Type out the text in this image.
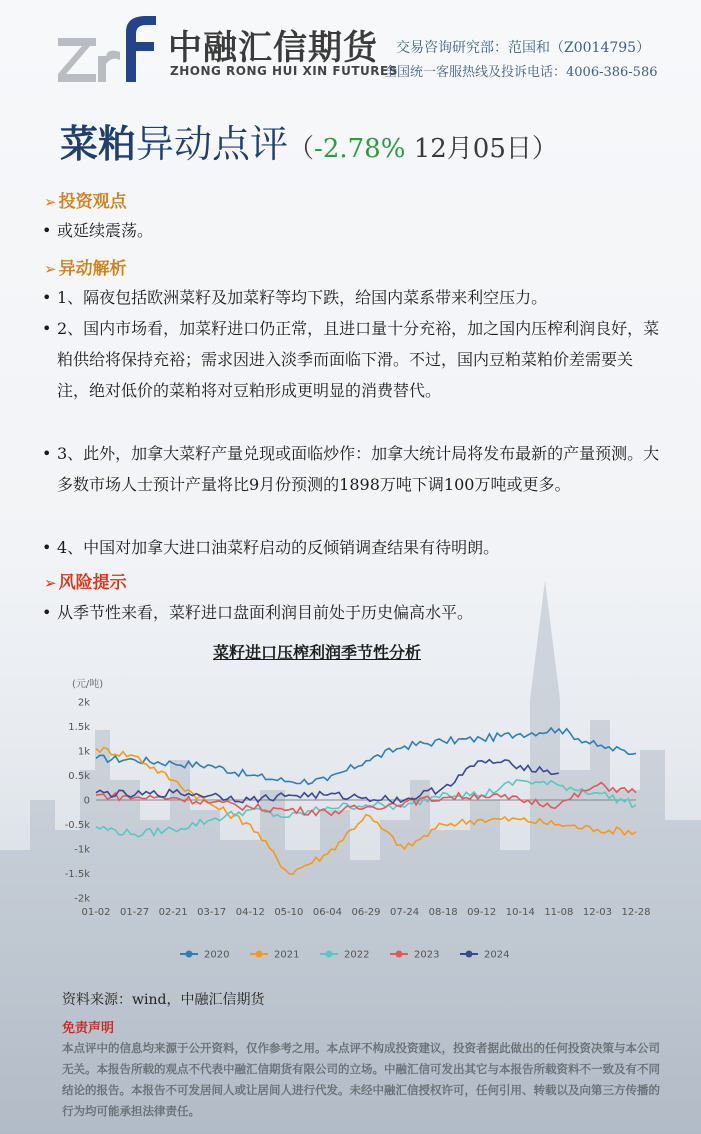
中融汇信期货
ZHONG RONG HUI XIN FUTURES
交易咨询研究部：范国和（Z0014795）
全国统一客服热线及投诉电话：4006-386-586
菜粕异动点评（-2.78% 12月05日）
➢ 投资观点
• 或延续震荡。
➢ 异动解析
• 1、隔夜包括欧洲菜籽及加菜籽等均下跌，给国内菜系带来利空压力。
• 2、国内市场看，加菜籽进口仍正常，且进口量十分充裕，加之国内压榨利润良好，菜粕供给将保持充裕；需求因进入淡季而面临下滑。不过，国内豆粕菜粕价差需要关注，绝对低价的菜粕将对豆粕形成更明显的消费替代。
• 3、此外，加拿大菜籽产量兑现或面临炒作：加拿大统计局将发布最新的产量预测。大多数市场人士预计产量将比9月份预测的1898万吨下调100万吨或更多。
• 4、中国对加拿大进口油菜籽启动的反倾销调查结果有待明朗。
➢ 风险提示
• 从季节性来看，菜籽进口盘面利润目前处于历史偏高水平。
菜籽进口压榨利润季节性分析
(元/吨)
2k
1.5k
1k
0.5k
0
-0.5k
-1k
-1.5k
-2k
01-02 01-27 02-21 03-17 04-12 05-10 06-04 06-29 07-24 08-18 09-12 10-14 11-08 12-03 12-28
2020	2021	2022	2023	2024
资料来源：wind，中融汇信期货
免责声明
本点评中的信息均来源于公开资料，仅作参考之用。本点评不构成投资建议，投资者据此做出的任何投资决策与本公司无关。本报告所载的观点不代表中融汇信期货有限公司的立场。中融汇信可发出其它与本报告所载资料不一致及有不同结论的报告。本报告不可发居间人或让居间人进行代发。未经中融汇信授权许可，任何引用、转载以及向第三方传播的行为均可能承担法律责任。
